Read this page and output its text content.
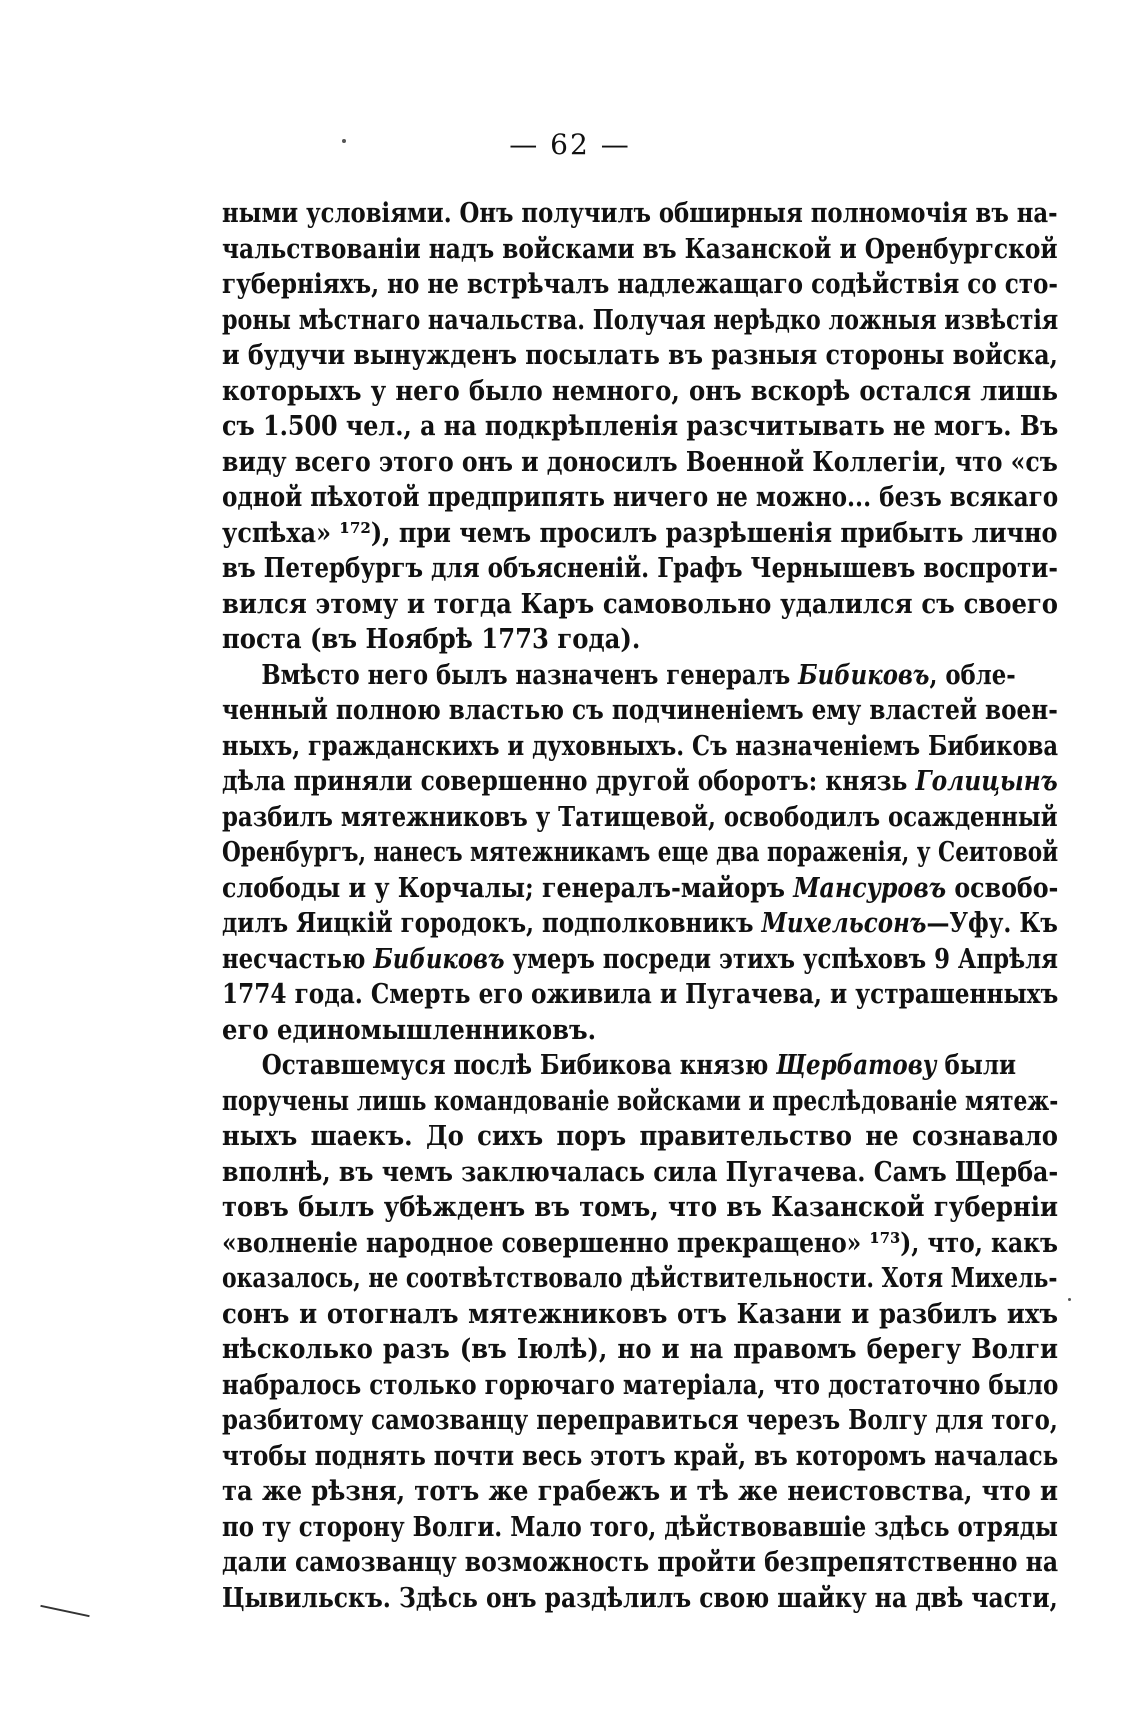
— 62 —
ными условіями. Онъ получилъ обширныя полномочія въ на-
чальствованіи надъ войсками въ Казанской и Оренбургской
губерніяхъ, но не встрѣчалъ надлежащаго содѣйствія со сто-
роны мѣстнаго начальства. Получая нерѣдко ложныя извѣстія
и будучи вынужденъ посылать въ разныя стороны войска,
которыхъ у него было немного, онъ вскорѣ остался лишь
съ 1.500 чел., а на подкрѣпленія разсчитывать не могъ. Въ
виду всего этого онъ и доносилъ Военной Коллегіи, что «съ
одной пѣхотой предприпять ничего не можно... безъ всякаго
успѣха» ¹⁷²), при чемъ просилъ разрѣшенія прибыть лично
въ Петербургъ для объясненій. Графъ Чернышевъ воспроти-
вился этому и тогда Каръ самовольно удалился съ своего
поста (въ Ноябрѣ 1773 года).
Вмѣсто него былъ назначенъ генералъ Бибиковъ, обле-
ченный полною властью съ подчиненіемъ ему властей воен-
ныхъ, гражданскихъ и духовныхъ. Съ назначеніемъ Бибикова
дѣла приняли совершенно другой оборотъ: князь Голицынъ
разбилъ мятежниковъ у Татищевой, освободилъ осажденный
Оренбургъ, нанесъ мятежникамъ еще два пораженія, у Сеитовой
слободы и у Корчалы; генералъ-майоръ Мансуровъ освобо-
дилъ Яицкій городокъ, подполковникъ Михельсонъ—Уфу. Къ
несчастью Бибиковъ умеръ посреди этихъ успѣховъ 9 Апрѣля
1774 года. Смерть его оживила и Пугачева, и устрашенныхъ
его единомышленниковъ.
Оставшемуся послѣ Бибикова князю Щербатову были
поручены лишь командованіе войсками и преслѣдованіе мятеж-
ныхъ шаекъ. До сихъ поръ правительство не сознавало
вполнѣ, въ чемъ заключалась сила Пугачева. Самъ Щерба-
товъ былъ убѣжденъ въ томъ, что въ Казанской губерніи
«волненіе народное совершенно прекращено» ¹⁷³), что, какъ
оказалось, не соотвѣтствовало дѣйствительности. Хотя Михель-
сонъ и отогналъ мятежниковъ отъ Казани и разбилъ ихъ
нѣсколько разъ (въ Іюлѣ), но и на правомъ берегу Волги
набралось столько горючаго матеріала, что достаточно было
разбитому самозванцу переправиться черезъ Волгу для того,
чтобы поднять почти весь этотъ край, въ которомъ началась
та же рѣзня, тотъ же грабежъ и тѣ же неистовства, что и
по ту сторону Волги. Мало того, дѣйствовавшіе здѣсь отряды
дали самозванцу возможность пройти безпрепятственно на
Цывильскъ. Здѣсь онъ раздѣлилъ свою шайку на двѣ части,
